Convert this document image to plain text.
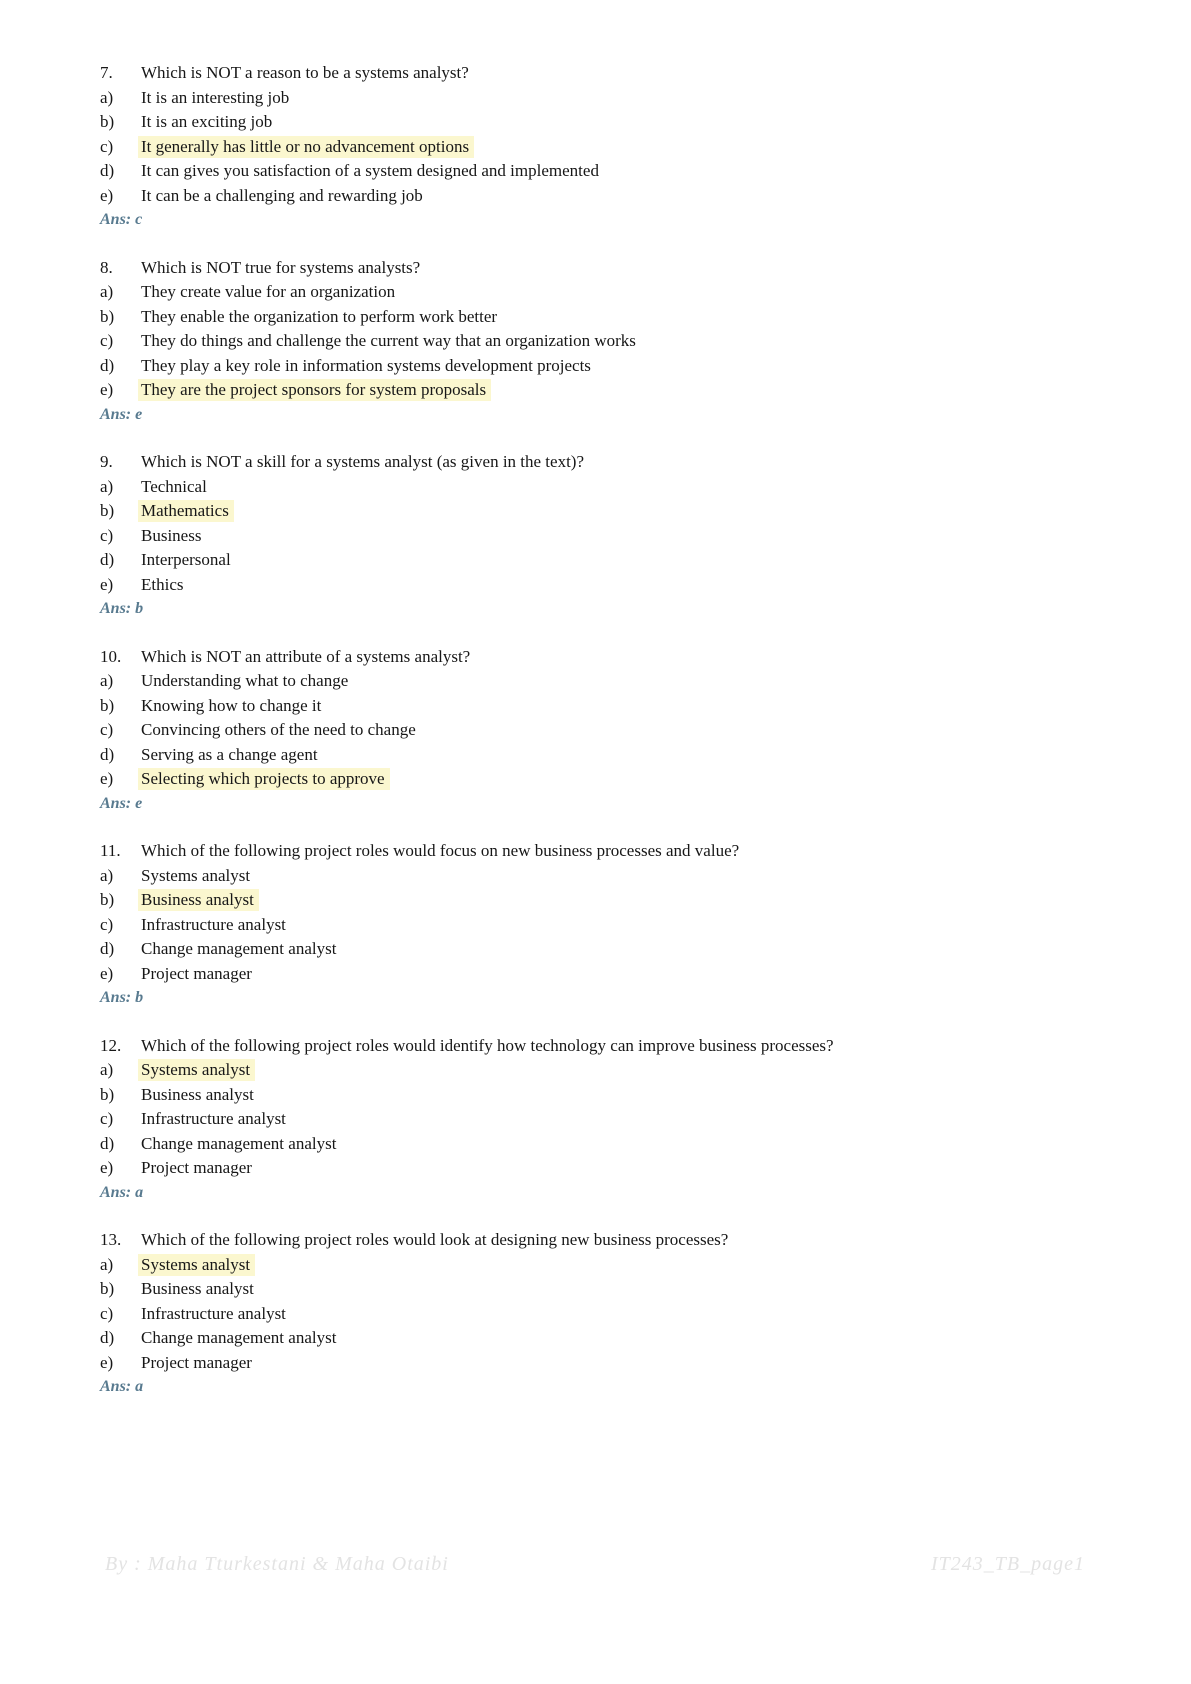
7.	Which is NOT a reason to be a systems analyst?
a)	It is an interesting job
b)	It is an exciting job
c)	It generally has little or no advancement options
d)	It can gives you satisfaction of a system designed and implemented
e)	It can be a challenging and rewarding job
Ans: c
8.	Which is NOT true for systems analysts?
a)	They create value for an organization
b)	They enable the organization to perform work better
c)	They do things and challenge the current way that an organization works
d)	They play a key role in information systems development projects
e)	They are the project sponsors for system proposals
Ans: e
9.	Which is NOT a skill for a systems analyst (as given in the text)?
a)	Technical
b)	Mathematics
c)	Business
d)	Interpersonal
e)	Ethics
Ans: b
10.	Which is NOT an attribute of a systems analyst?
a)	Understanding what to change
b)	Knowing how to change it
c)	Convincing others of the need to change
d)	Serving as a change agent
e)	Selecting which projects to approve
Ans: e
11.	Which of the following project roles would focus on new business processes and value?
a)	Systems analyst
b)	Business analyst
c)	Infrastructure analyst
d)	Change management analyst
e)	Project manager
Ans: b
12.	Which of the following project roles would identify how technology can improve business processes?
a)	Systems analyst
b)	Business analyst
c)	Infrastructure analyst
d)	Change management analyst
e)	Project manager
Ans: a
13.	Which of the following project roles would look at designing new business processes?
a)	Systems analyst
b)	Business analyst
c)	Infrastructure analyst
d)	Change management analyst
e)	Project manager
Ans: a
By : Maha Tturkestani & Maha Otaibi	IT243_TB_page1
